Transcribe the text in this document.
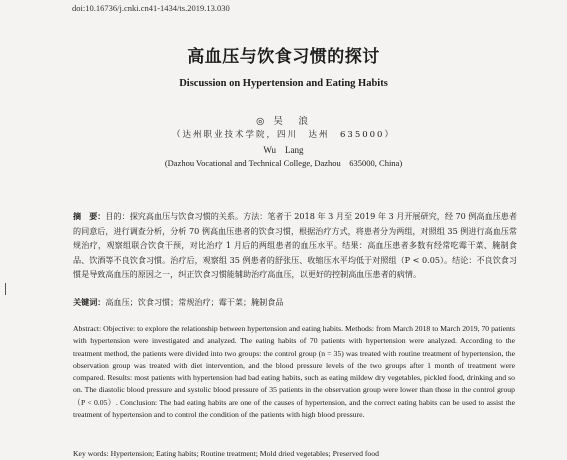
doi:10.16736/j.cnki.cn41-1434/ts.2019.13.030
高血压与饮食习惯的探讨
Discussion on Hypertension and Eating Habits
◎ 吴　浪
（达州职业技术学院，四川　达州　635000）
Wu　Lang
(Dazhou Vocational and Technical College, Dazhou　635000, China)
摘　要：目的：探究高血压与饮食习惯的关系。方法：笔者于 2018 年 3 月至 2019 年 3 月开展研究，经 70 例高血压患者的同意后，进行调查分析，分析 70 例高血压患者的饮食习惯，根据治疗方式，将患者分为两组，对照组 35 例进行高血压常规治疗，观察组联合饮食干预，对比治疗 1 月后的两组患者的血压水平。结果：高血压患者多数有经常吃霉干菜、腌制食品、饮酒等不良饮食习惯。治疗后，观察组 35 例患者的舒张压、收缩压水平均低于对照组（P < 0.05）。结论：不良饮食习惯是导致高血压的原因之一，纠正饮食习惯能辅助治疗高血压，以更好的控制高血压患者的病情。
关键词：高血压；饮食习惯；常规治疗；霉干菜；腌制食品
Abstract: Objective: to explore the relationship between hypertension and eating habits. Methods: from March 2018 to March 2019, 70 patients with hypertension were investigated and analyzed. The eating habits of 70 patients with hypertension were analyzed. According to the treatment method, the patients were divided into two groups: the control group (n = 35) was treated with routine treatment of hypertension, the observation group was treated with diet intervention, and the blood pressure levels of the two groups after 1 month of treatment were compared. Results: most patients with hypertension had bad eating habits, such as eating mildew dry vegetables, pickled food, drinking and so on. The diastolic blood pressure and systolic blood pressure of 35 patients in the observation group were lower than those in the control group（P < 0.05）. Conclusion: The bad eating habits are one of the causes of hypertension, and the correct eating habits can be used to assist the treatment of hypertension and to control the condition of the patients with high blood pressure.
Key words: Hypertension; Eating habits; Routine treatment; Mold dried vegetables; Preserved food
